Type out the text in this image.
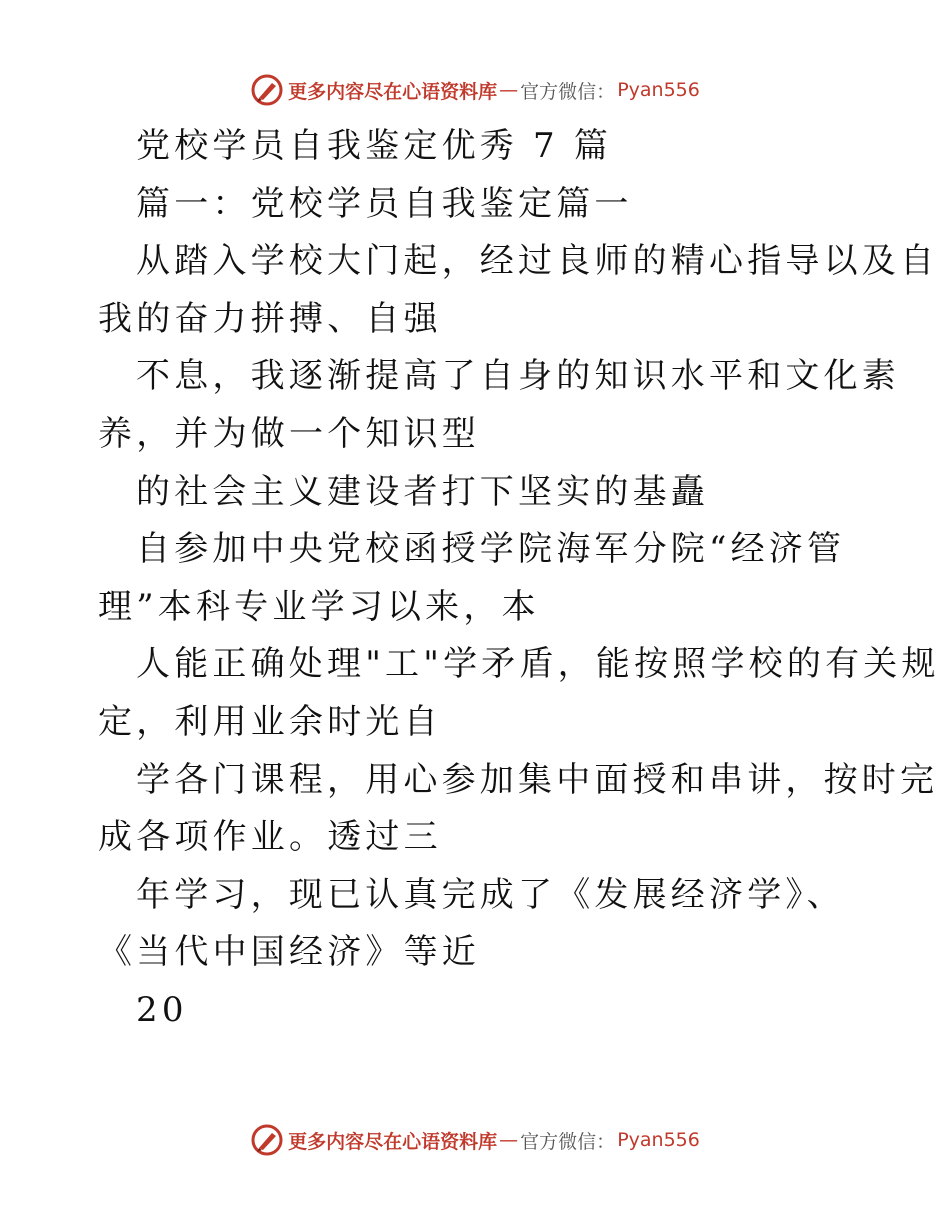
更多内容尽在心语资料库 — 官方微信： Pyan556
党校学员自我鉴定优秀 7 篇
篇一：党校学员自我鉴定篇一
从踏入学校大门起，经过良师的精心指导以及自
我的奋力拼搏、自强
不息，我逐渐提高了自身的知识水平和文化素
养，并为做一个知识型
的社会主义建设者打下坚实的基矗
自参加中央党校函授学院海军分院“经济管
理”本科专业学习以来，本
人能正确处理"工"学矛盾，能按照学校的有关规
定，利用业余时光自
学各门课程，用心参加集中面授和串讲，按时完
成各项作业。透过三
年学习，现已认真完成了《发展经济学》、
《当代中国经济》等近
20
更多内容尽在心语资料库 — 官方微信： Pyan556
